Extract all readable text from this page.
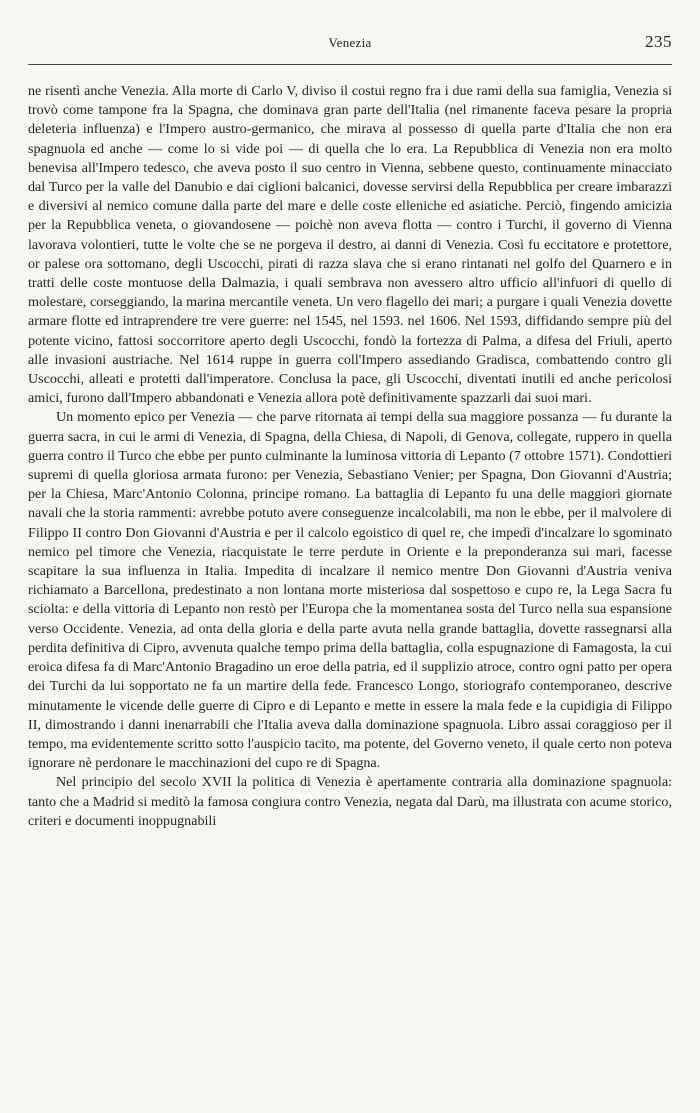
Venezia	235

ne risentì anche Venezia. Alla morte di Carlo V, diviso il costui regno fra i due rami della sua famiglia, Venezia si trovò come tampone fra la Spagna, che dominava gran parte dell'Italia (nel rimanente faceva pesare la propria deleteria influenza) e l'Impero austro-germanico, che mirava al possesso di quella parte d'Italia che non era spagnuola ed anche — come lo si vide poi — di quella che lo era. La Repubblica di Venezia non era molto benevisa all'Impero tedesco, che aveva posto il suo centro in Vienna, sebbene questo, continuamente minacciato dal Turco per la valle del Danubio e dai ciglioni balcanici, dovesse servirsi della Repubblica per creare imbarazzi e diversivi al nemico comune dalla parte del mare e delle coste elleniche ed asiatiche. Perciò, fingendo amicizia per la Repubblica veneta, o giovandosene — poichè non aveva flotta — contro i Turchi, il governo di Vienna lavorava volontieri, tutte le volte che se ne porgeva il destro, ai danni di Venezia. Così fu eccitatore e protettore, or palese ora sottomano, degli Uscocchi, pirati di razza slava che si erano rintanati nel golfo del Quarnero e in tratti delle coste montuose della Dalmazia, i quali sembrava non avessero altro ufficio all'infuori di quello di molestare, corseggiando, la marina mercantile veneta. Un vero flagello dei mari; a purgare i quali Venezia dovette armare flotte ed intraprendere tre vere guerre: nel 1545, nel 1593. nel 1606. Nel 1593, diffidando sempre più del potente vicino, fattosi soccorritore aperto degli Uscocchi, fondò la fortezza di Palma, a difesa del Friuli, aperto alle invasioni austriache. Nel 1614 ruppe in guerra coll'Impero assediando Gradisca, combattendo contro gli Uscocchi, alleati e protetti dall'imperatore. Conclusa la pace, gli Uscocchi, diventati inutili ed anche pericolosi amici, furono dall'Impero abbandonati e Venezia allora potè definitivamente spazzarli dai suoi mari.

Un momento epico per Venezia — che parve ritornata ai tempi della sua maggiore possanza — fu durante la guerra sacra, in cui le armi di Venezia, di Spagna, della Chiesa, di Napoli, di Genova, collegate, ruppero in quella guerra contro il Turco che ebbe per punto culminante la luminosa vittoria di Lepanto (7 ottobre 1571). Condottieri supremi di quella gloriosa armata furono: per Venezia, Sebastiano Venier; per Spagna, Don Giovanni d'Austria; per la Chiesa, Marc'Antonio Colonna, principe romano. La battaglia di Lepanto fu una delle maggiori giornate navali che la storia rammenti: avrebbe potuto avere conseguenze incalcolabili, ma non le ebbe, per il malvolere di Filippo II contro Don Giovanni d'Austria e per il calcolo egoistico di quel re, che impedì d'incalzare lo sgominato nemico pel timore che Venezia, riacquistate le terre perdute in Oriente e la preponderanza sui mari, facesse scapitare la sua influenza in Italia. Impedita di incalzare il nemico mentre Don Giovanni d'Austria veniva richiamato a Barcellona, predestinato a non lontana morte misteriosa dal sospettoso e cupo re, la Lega Sacra fu sciolta: e della vittoria di Lepanto non restò per l'Europa che la momentanea sosta del Turco nella sua espansione verso Occidente. Venezia, ad onta della gloria e della parte avuta nella grande battaglia, dovette rassegnarsi alla perdita definitiva di Cipro, avvenuta qualche tempo prima della battaglia, colla espugnazione di Famagosta, la cui eroica difesa fa di Marc'Antonio Bragadino un eroe della patria, ed il supplizio atroce, contro ogni patto per opera dei Turchi da lui sopportato ne fa un martire della fede. Francesco Longo, storiografo contemporaneo, descrive minutamente le vicende delle guerre di Cipro e di Lepanto e mette in essere la mala fede e la cupidigia di Filippo II, dimostrando i danni inenarrabili che l'Italia aveva dalla dominazione spagnuola. Libro assai coraggioso per il tempo, ma evidentemente scritto sotto l'auspicio tacito, ma potente, del Governo veneto, il quale certo non poteva ignorare nè perdonare le macchinazioni del cupo re di Spagna.

Nel principio del secolo XVII la politica di Venezia è apertamente contraria alla dominazione spagnuola: tanto che a Madrid si meditò la famosa congiura contro Venezia, negata dal Darù, ma illustrata con acume storico, criteri e documenti inoppugnabili
